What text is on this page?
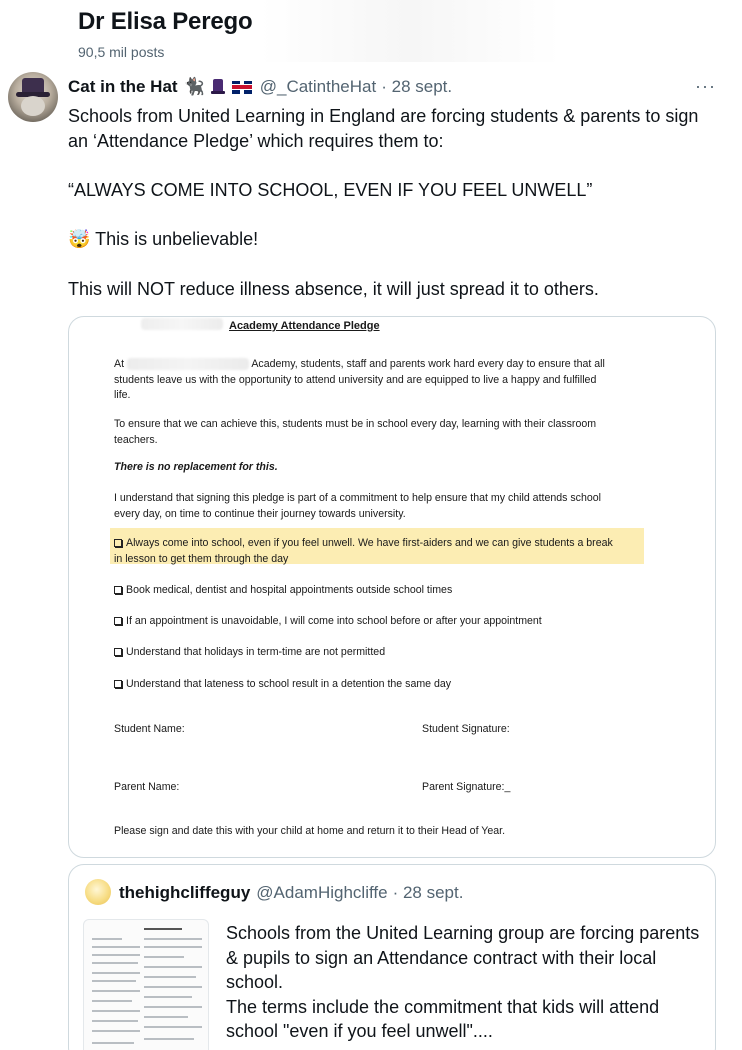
Dr Elisa Perego
90,5 mil posts
Cat in the Hat 🐈‍⬛	@_CatintheHat · 28 sept.	···

Schools from United Learning in England are forcing students & parents to sign an ‘Attendance Pledge’ which requires them to:

“ALWAYS COME INTO SCHOOL, EVEN IF YOU FEEL UNWELL”

🤯 This is unbelievable!

This will NOT reduce illness absence, it will just spread it to others.

Academy Attendance Pledge
At	Academy, students, staff and parents work hard every day to ensure that all
students leave us with the opportunity to attend university and are equipped to live a happy and fulfilled
life.
To ensure that we can achieve this, students must be in school every day, learning with their classroom
teachers.
There is no replacement for this.
I understand that signing this pledge is part of a commitment to help ensure that my child attends school
every day, on time to continue their journey towards university.
Always come into school, even if you feel unwell. We have first-aiders and we can give students a break
in lesson to get them through the day
Book medical, dentist and hospital appointments outside school times
If an appointment is unavoidable, I will come into school before or after your appointment
Understand that holidays in term-time are not permitted
Understand that lateness to school result in a detention the same day
Student Name:	Student Signature:
Parent Name:	Parent Signature:_
Please sign and date this with your child at home and return it to their Head of Year.
thehighcliffeguy @AdamHighcliffe · 28 sept.

Schools from the United Learning group are forcing parents & pupils to sign an Attendance contract with their local school.

The terms include the commitment that kids will attend school "even if you feel unwell"....
